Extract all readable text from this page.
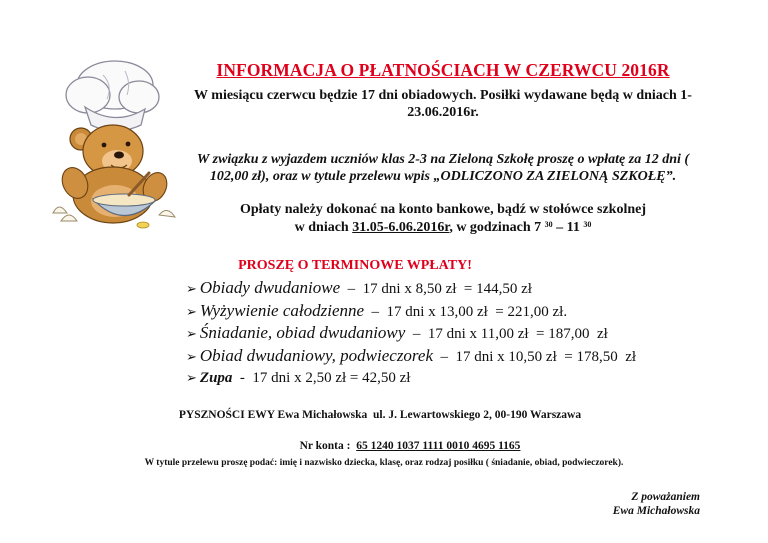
INFORMACJA O PŁATNOŚCIACH W CZERWCU 2016R
W miesiącu czerwcu będzie 17 dni obiadowych. Posiłki wydawane będą w dniach 1-23.06.2016r.
W związku z wyjazdem uczniów klas 2-3 na Zieloną Szkołę proszę o wpłatę za 12 dni ( 102,00 zł), oraz w tytule przelewu wpis „ODLICZONO ZA ZIELONĄ SZKOŁĘ”.
Opłaty należy dokonać na konto bankowe, bądź w stołówce szkolnej
w dniach 31.05-6.06.2016r, w godzinach 7 $^{30}$ – 11 $^{30}$
PROSZĘ O TERMINOWE WPŁATY!
➢ Obiady dwudaniowe  –  17 dni x 8,50 zł  = 144,50 zł
➢ Wyżywienie całodzienne  –  17 dni x 13,00 zł  = 221,00 zł.
➢ Śniadanie, obiad dwudaniowy  –  17 dni x 11,00 zł  = 187,00  zł
➢ Obiad dwudaniowy, podwieczorek  –  17 dni x 10,50 zł  = 178,50  zł
➢ Zupa  -  17 dni x 2,50 zł = 42,50 zł
PYSZNOŚCI EWY Ewa Michałowska  ul. J. Lewartowskiego 2, 00-190 Warszawa
Nr konta :  65 1240 1037 1111 0010 4695 1165
W tytule przelewu proszę podać: imię i nazwisko dziecka, klasę, oraz rodzaj posiłku ( śniadanie, obiad, podwieczorek).
Z poważaniem
Ewa Michałowska
